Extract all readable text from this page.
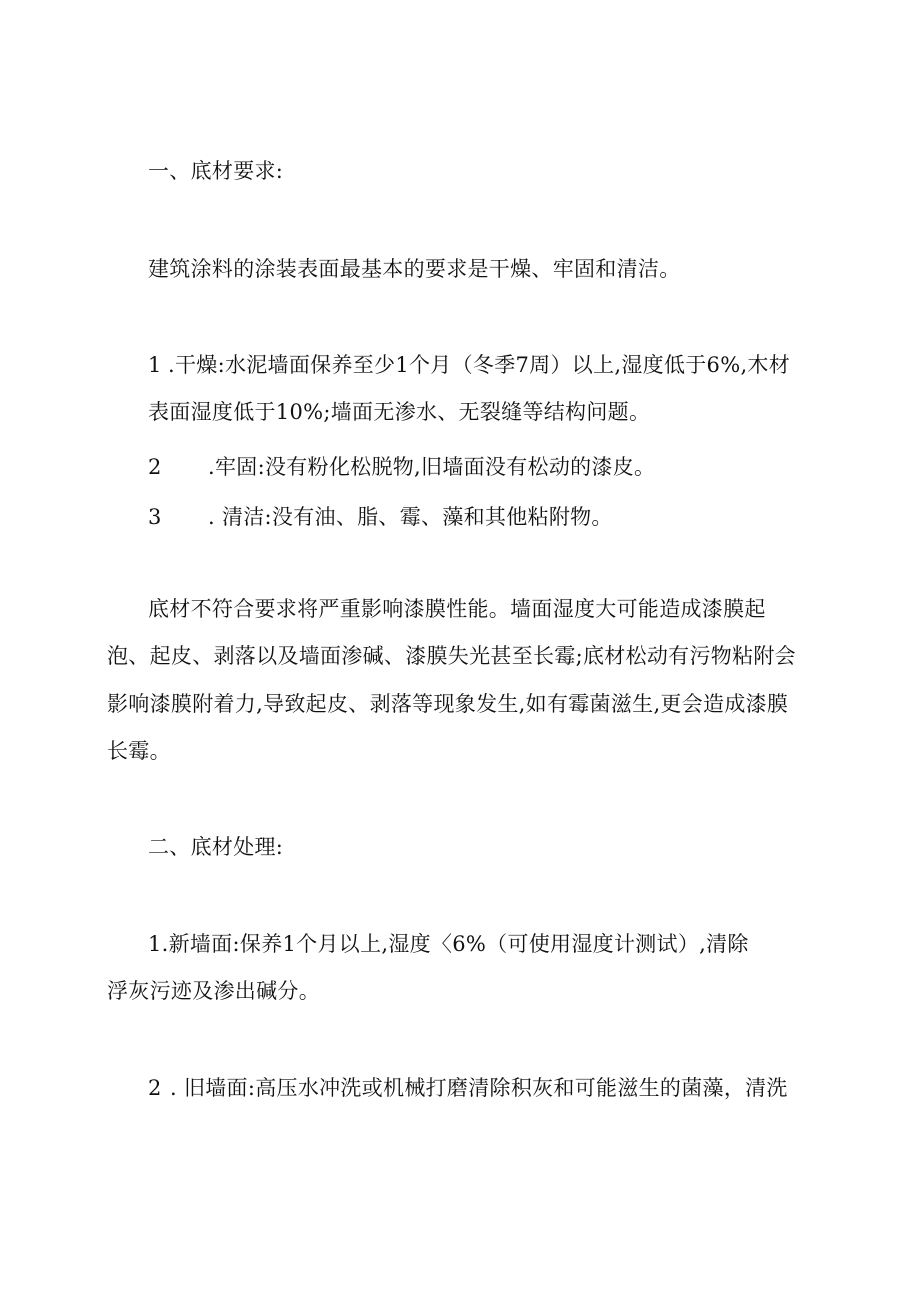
一、底材要求:
建筑涂料的涂装表面最基本的要求是干燥、牢固和清洁。
1 .干燥:水泥墙面保养至少1个月（冬季7周）以上,湿度低于6%,木材
表面湿度低于10%;墙面无渗水、无裂缝等结构问题。
2 .牢固:没有粉化松脱物,旧墙面没有松动的漆皮。
3 . 清洁:没有油、脂、霉、藻和其他粘附物。
底材不符合要求将严重影响漆膜性能。墙面湿度大可能造成漆膜起
泡、起皮、剥落以及墙面渗碱、漆膜失光甚至长霉;底材松动有污物粘附会
影响漆膜附着力,导致起皮、剥落等现象发生,如有霉菌滋生,更会造成漆膜
长霉。
二、底材处理:
1.新墙面:保养1个月以上,湿度〈6%（可使用湿度计测试）,清除
浮灰污迹及渗出碱分。
2 . 旧墙面:高压水冲洗或机械打磨清除积灰和可能滋生的菌藻，清洗
